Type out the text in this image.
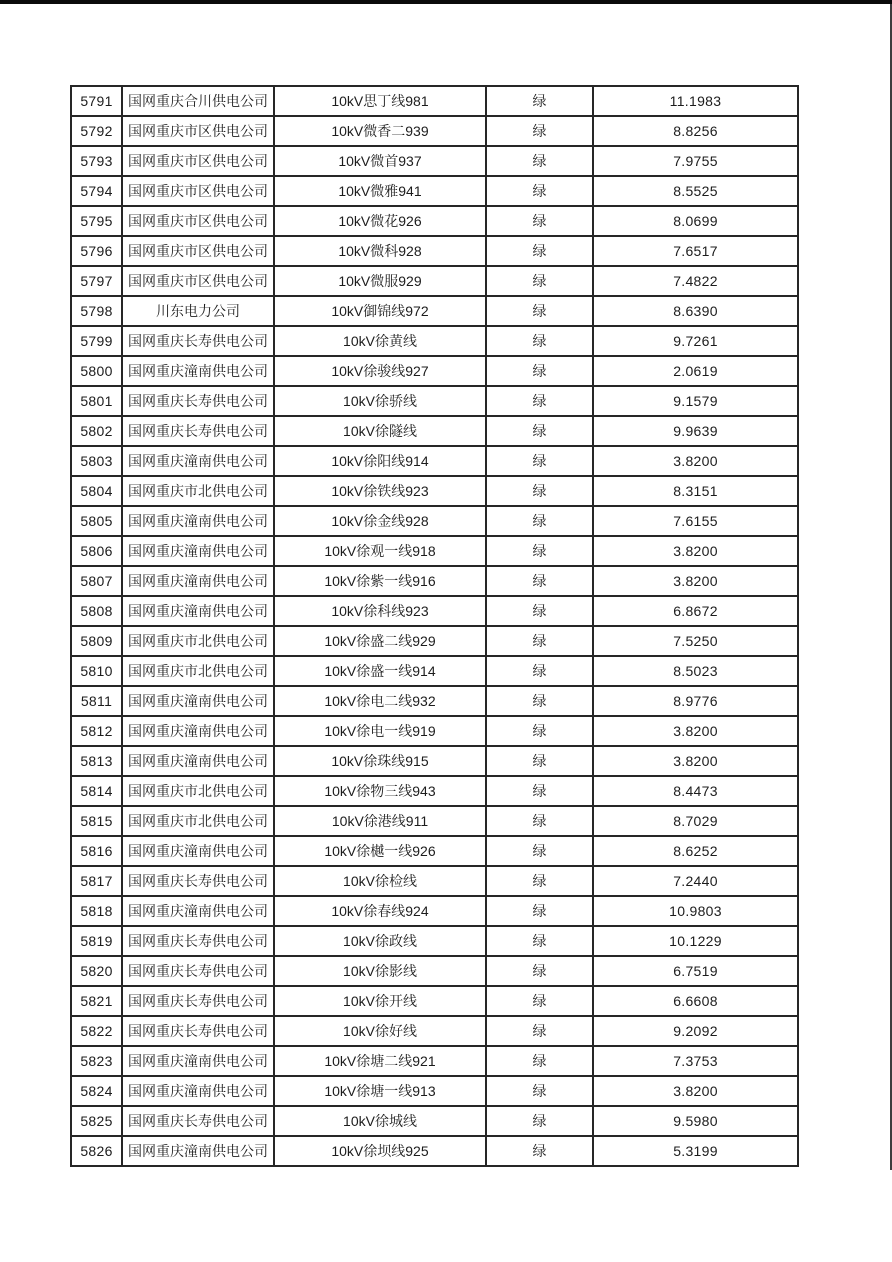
5791	国网重庆合川供电公司	10kV思丁线981	绿	11.1983
5792	国网重庆市区供电公司	10kV微香二939	绿	8.8256
5793	国网重庆市区供电公司	10kV微首937	绿	7.9755
5794	国网重庆市区供电公司	10kV微雅941	绿	8.5525
5795	国网重庆市区供电公司	10kV微花926	绿	8.0699
5796	国网重庆市区供电公司	10kV微科928	绿	7.6517
5797	国网重庆市区供电公司	10kV微服929	绿	7.4822
5798	川东电力公司	10kV御锦线972	绿	8.6390
5799	国网重庆长寿供电公司	10kV徐黄线	绿	9.7261
5800	国网重庆潼南供电公司	10kV徐骏线927	绿	2.0619
5801	国网重庆长寿供电公司	10kV徐骄线	绿	9.1579
5802	国网重庆长寿供电公司	10kV徐隧线	绿	9.9639
5803	国网重庆潼南供电公司	10kV徐阳线914	绿	3.8200
5804	国网重庆市北供电公司	10kV徐铁线923	绿	8.3151
5805	国网重庆潼南供电公司	10kV徐金线928	绿	7.6155
5806	国网重庆潼南供电公司	10kV徐观一线918	绿	3.8200
5807	国网重庆潼南供电公司	10kV徐紫一线916	绿	3.8200
5808	国网重庆潼南供电公司	10kV徐科线923	绿	6.8672
5809	国网重庆市北供电公司	10kV徐盛二线929	绿	7.5250
5810	国网重庆市北供电公司	10kV徐盛一线914	绿	8.5023
5811	国网重庆潼南供电公司	10kV徐电二线932	绿	8.9776
5812	国网重庆潼南供电公司	10kV徐电一线919	绿	3.8200
5813	国网重庆潼南供电公司	10kV徐珠线915	绿	3.8200
5814	国网重庆市北供电公司	10kV徐物三线943	绿	8.4473
5815	国网重庆市北供电公司	10kV徐港线911	绿	8.7029
5816	国网重庆潼南供电公司	10kV徐樾一线926	绿	8.6252
5817	国网重庆长寿供电公司	10kV徐检线	绿	7.2440
5818	国网重庆潼南供电公司	10kV徐春线924	绿	10.9803
5819	国网重庆长寿供电公司	10kV徐政线	绿	10.1229
5820	国网重庆长寿供电公司	10kV徐影线	绿	6.7519
5821	国网重庆长寿供电公司	10kV徐开线	绿	6.6608
5822	国网重庆长寿供电公司	10kV徐好线	绿	9.2092
5823	国网重庆潼南供电公司	10kV徐塘二线921	绿	7.3753
5824	国网重庆潼南供电公司	10kV徐塘一线913	绿	3.8200
5825	国网重庆长寿供电公司	10kV徐城线	绿	9.5980
5826	国网重庆潼南供电公司	10kV徐坝线925	绿	5.3199
